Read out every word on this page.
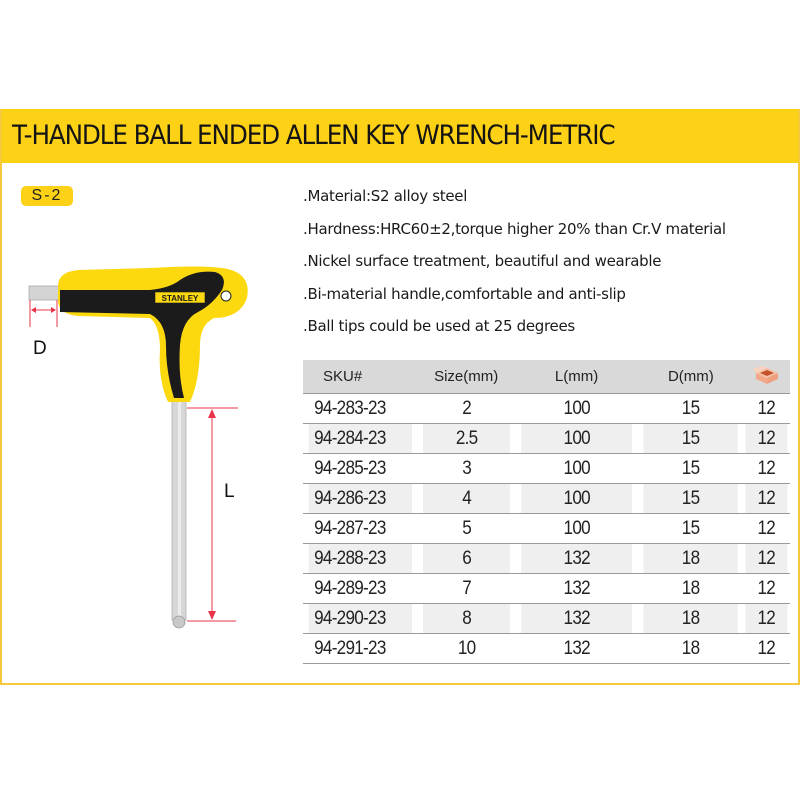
T-HANDLE BALL ENDED ALLEN KEY WRENCH-METRIC
S-2
STANLEY
D
L
.Material:S2 alloy steel
.Hardness:HRC60±2,torque higher 20% than Cr.V material
.Nickel surface treatment, beautiful and wearable
.Bi-material handle,comfortable and anti-slip
.Ball tips could be used at 25 degrees
SKU#	Size(mm)	L(mm)	D(mm)	
94-283-23	2	100	15	12
94-284-23	2.5	100	15	12
94-285-23	3	100	15	12
94-286-23	4	100	15	12
94-287-23	5	100	15	12
94-288-23	6	132	18	12
94-289-23	7	132	18	12
94-290-23	8	132	18	12
94-291-23	10	132	18	12
